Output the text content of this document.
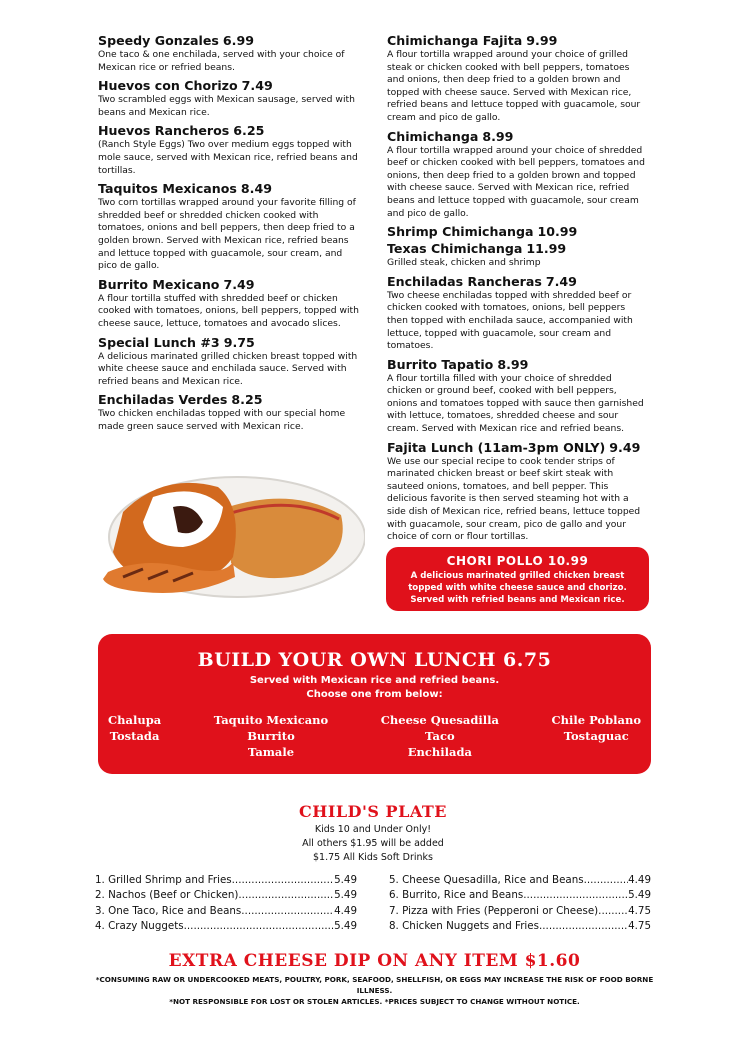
Speedy Gonzales 6.99
One taco & one enchilada, served with your choice of Mexican rice or refried beans.
Huevos con Chorizo 7.49
Two scrambled eggs with Mexican sausage, served with beans and Mexican rice.
Huevos Rancheros 6.25
(Ranch Style Eggs) Two over medium eggs topped with mole sauce, served with Mexican rice, refried beans and tortillas.
Taquitos Mexicanos 8.49
Two corn tortillas wrapped around your favorite filling of shredded beef or shredded chicken cooked with tomatoes, onions and bell peppers, then deep fried to a golden brown. Served with Mexican rice, refried beans and lettuce topped with guacamole, sour cream, and pico de gallo.
Burrito Mexicano 7.49
A flour tortilla stuffed with shredded beef or chicken cooked with tomatoes, onions, bell peppers, topped with cheese sauce, lettuce, tomatoes and avocado slices.
Special Lunch #3 9.75
A delicious marinated grilled chicken breast topped with white cheese sauce and enchilada sauce. Served with refried beans and Mexican rice.
Enchiladas Verdes 8.25
Two chicken enchiladas topped with our special home made green sauce served with Mexican rice.
Chimichanga Fajita 9.99
A flour tortilla wrapped around your choice of grilled steak or chicken cooked with bell peppers, tomatoes and onions, then deep fried to a golden brown and topped with cheese sauce. Served with Mexican rice, refried beans and lettuce topped with guacamole, sour cream and pico de gallo.
Chimichanga 8.99
A flour tortilla wrapped around your choice of shredded beef or chicken cooked with bell peppers, tomatoes and onions, then deep fried to a golden brown and topped with cheese sauce. Served with Mexican rice, refried beans and lettuce topped with guacamole, sour cream and pico de gallo.
Shrimp Chimichanga 10.99
Texas Chimichanga 11.99
Grilled steak, chicken and shrimp
Enchiladas Rancheras 7.49
Two cheese enchiladas topped with shredded beef or chicken cooked with tomatoes, onions, bell peppers then topped with enchilada sauce, accompanied with lettuce, topped with guacamole, sour cream and tomatoes.
Burrito Tapatio 8.99
A flour tortilla filled with your choice of shredded chicken or ground beef, cooked with bell peppers, onions and tomatoes topped with sauce then garnished with lettuce, tomatoes, shredded cheese and sour cream. Served with Mexican rice and refried beans.
Fajita Lunch (11am-3pm ONLY) 9.49
We use our special recipe to cook tender strips of marinated chicken breast or beef skirt steak with sauteed onions, tomatoes, and bell pepper. This delicious favorite is then served steaming hot with a side dish of Mexican rice, refried beans, lettuce topped with guacamole, sour cream, pico de gallo and your choice of corn or flour tortillas.
CHORI POLLO 10.99
A delicious marinated grilled chicken breast topped with white cheese sauce and chorizo. Served with refried beans and Mexican rice.
BUILD YOUR OWN LUNCH 6.75
Served with Mexican rice and refried beans.
Choose one from below:
Chalupa
Tostada
Taquito Mexicano
Burrito
Tamale
Cheese Quesadilla
Taco
Enchilada
Chile Poblano
Tostaguac
CHILD'S PLATE
Kids 10 and Under Only!
All others $1.95 will be added
$1.75 All Kids Soft Drinks
1. Grilled Shrimp and Fries .....	5.49
2. Nachos (Beef or Chicken) .....	5.49
3. One Taco, Rice and Beans .....	4.49
4. Crazy Nuggets .....	5.49
5. Cheese Quesadilla, Rice and Beans .....	4.49
6. Burrito, Rice and Beans .....	5.49
7. Pizza with Fries (Pepperoni or Cheese) .....	4.75
8. Chicken Nuggets and Fries .....	4.75
EXTRA CHEESE DIP ON ANY ITEM $1.60
*CONSUMING RAW OR UNDERCOOKED MEATS, POULTRY, PORK, SEAFOOD, SHELLFISH, OR EGGS MAY INCREASE THE RISK OF FOOD BORNE ILLNESS.
*NOT RESPONSIBLE FOR LOST OR STOLEN ARTICLES. *PRICES SUBJECT TO CHANGE WITHOUT NOTICE.
